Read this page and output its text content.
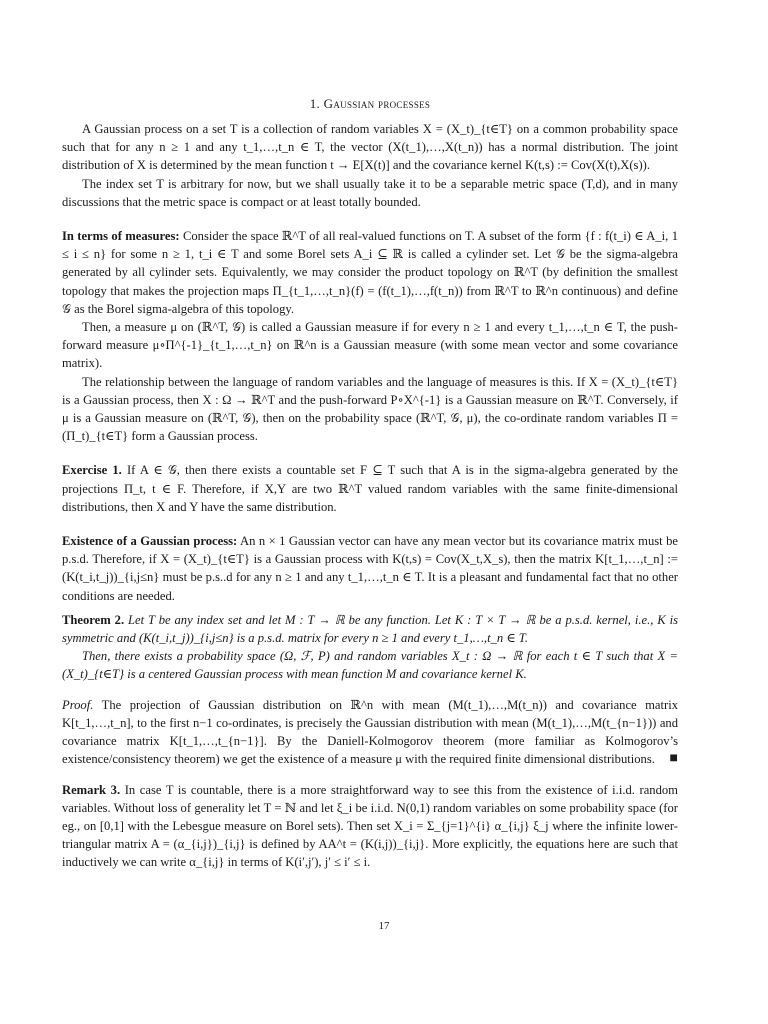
1. Gaussian processes

A Gaussian process on a set T is a collection of random variables X = (X_t)_{t∈T} on a common probability space such that for any n ≥ 1 and any t_1,…,t_n ∈ T, the vector (X(t_1),…,X(t_n)) has a normal distribution. The joint distribution of X is determined by the mean function t → E[X(t)] and the covariance kernel K(t,s) := Cov(X(t),X(s)).

The index set T is arbitrary for now, but we shall usually take it to be a separable metric space (T,d), and in many discussions that the metric space is compact or at least totally bounded.

In terms of measures: Consider the space ℝ^T of all real-valued functions on T. A subset of the form {f : f(t_i) ∈ A_i, 1 ≤ i ≤ n} for some n ≥ 1, t_i ∈ T and some Borel sets A_i ⊆ ℝ is called a cylinder set. Let 𝒢 be the sigma-algebra generated by all cylinder sets. Equivalently, we may consider the product topology on ℝ^T (by definition the smallest topology that makes the projection maps Π_{t_1,…,t_n}(f) = (f(t_1),…,f(t_n)) from ℝ^T to ℝ^n continuous) and define 𝒢 as the Borel sigma-algebra of this topology.

Then, a measure μ on (ℝ^T, 𝒢) is called a Gaussian measure if for every n ≥ 1 and every t_1,…,t_n ∈ T, the push-forward measure μ∘Π^{-1}_{t_1,…,t_n} on ℝ^n is a Gaussian measure (with some mean vector and some covariance matrix).

The relationship between the language of random variables and the language of measures is this. If X = (X_t)_{t∈T} is a Gaussian process, then X : Ω → ℝ^T and the push-forward P∘X^{-1} is a Gaussian measure on ℝ^T. Conversely, if μ is a Gaussian measure on (ℝ^T, 𝒢), then on the probability space (ℝ^T, 𝒢, μ), the co-ordinate random variables Π = (Π_t)_{t∈T} form a Gaussian process.

Exercise 1. If A ∈ 𝒢, then there exists a countable set F ⊆ T such that A is in the sigma-algebra generated by the projections Π_t, t ∈ F. Therefore, if X,Y are two ℝ^T valued random variables with the same finite-dimensional distributions, then X and Y have the same distribution.

Existence of a Gaussian process: An n × 1 Gaussian vector can have any mean vector but its covariance matrix must be p.s.d. Therefore, if X = (X_t)_{t∈T} is a Gaussian process with K(t,s) = Cov(X_t,X_s), then the matrix K[t_1,…,t_n] := (K(t_i,t_j))_{i,j≤n} must be p.s..d for any n ≥ 1 and any t_1,…,t_n ∈ T. It is a pleasant and fundamental fact that no other conditions are needed.

Theorem 2. Let T be any index set and let M : T → ℝ be any function. Let K : T × T → ℝ be a p.s.d. kernel, i.e., K is symmetric and (K(t_i,t_j))_{i,j≤n} is a p.s.d. matrix for every n ≥ 1 and every t_1,…,t_n ∈ T.

Then, there exists a probability space (Ω, ℱ, P) and random variables X_t : Ω → ℝ for each t ∈ T such that X = (X_t)_{t∈T} is a centered Gaussian process with mean function M and covariance kernel K.

Proof. The projection of Gaussian distribution on ℝ^n with mean (M(t_1),…,M(t_n)) and covariance matrix K[t_1,…,t_n], to the first n−1 co-ordinates, is precisely the Gaussian distribution with mean (M(t_1),…,M(t_{n−1})) and covariance matrix K[t_1,…,t_{n−1}]. By the Daniell-Kolmogorov theorem (more familiar as Kolmogorov’s existence/consistency theorem) we get the existence of a measure μ with the required finite dimensional distributions. ■

Remark 3. In case T is countable, there is a more straightforward way to see this from the existence of i.i.d. random variables. Without loss of generality let T = ℕ and let ξ_i be i.i.d. N(0,1) random variables on some probability space (for eg., on [0,1] with the Lebesgue measure on Borel sets). Then set X_i = Σ_{j=1}^{i} α_{i,j} ξ_j where the infinite lower-triangular matrix A = (α_{i,j})_{i,j} is defined by AA^t = (K(i,j))_{i,j}. More explicitly, the equations here are such that inductively we can write α_{i,j} in terms of K(i′,j′), j′ ≤ i′ ≤ i.

17
